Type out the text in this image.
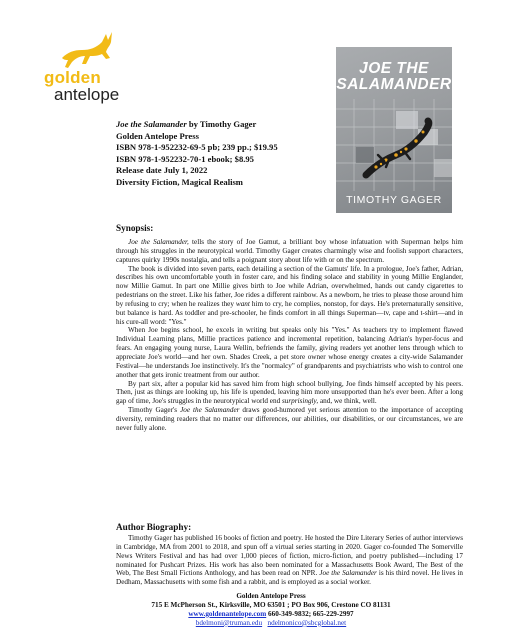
golden
antelope
Joe the Salamander by Timothy Gager
Golden Antelope Press
ISBN 978-1-952232-69-5 pb; 239 pp.; $19.95
ISBN 978-1-952232-70-1 ebook; $8.95
Release date July 1, 2022
Diversity Fiction, Magical Realism
JOE THE
SALAMANDER
TIMOTHY GAGER
Synopsis:

Joe the Salamander, tells the story of Joe Gamut, a brilliant boy whose infatuation with Superman helps him through his struggles in the neurotypical world. Timothy Gager creates charmingly wise and foolish support characters, captures quirky 1990s nostalgia, and tells a poignant story about life with or on the spectrum.

The book is divided into seven parts, each detailing a section of the Gamuts' life. In a prologue, Joe's father, Adrian, describes his own uncomfortable youth in foster care, and his finding solace and stability in young Millie Englander, now Millie Gamut. In part one Millie gives birth to Joe while Adrian, overwhelmed, hands out candy cigarettes to pedestrians on the street. Like his father, Joe rides a different rainbow. As a newborn, he tries to please those around him by refusing to cry; when he realizes they want him to cry, he complies, nonstop, for days. He's preternaturally sensitive, but balance is hard. As toddler and pre-schooler, he finds comfort in all things Superman—tv, cape and t-shirt—and in his cure-all word: "Yes."

When Joe begins school, he excels in writing but speaks only his "Yes." As teachers try to implement flawed Individual Learning plans, Millie practices patience and incremental repetition, balancing Adrian's hyper-focus and fears. An engaging young nurse, Laura Wellin, befriends the family, giving readers yet another lens through which to appreciate Joe's world—and her own. Shades Creek, a pet store owner whose energy creates a city-wide Salamander Festival—he understands Joe instinctively. It's the "normalcy" of grandparents and psychiatrists who wish to control one another that gets ironic treatment from our author.

By part six, after a popular kid has saved him from high school bullying, Joe finds himself accepted by his peers. Then, just as things are looking up, his life is upended, leaving him more unsupported than he's ever been. After a long gap of time, Joe's struggles in the neurotypical world end surprisingly, and, we think, well.

Timothy Gager's Joe the Salamander draws good-humored yet serious attention to the importance of accepting diversity, reminding readers that no matter our differences, our abilities, our disabilities, or our circumstances, we are never fully alone.

Author Biography:

Timothy Gager has published 16 books of fiction and poetry. He hosted the Dire Literary Series of author interviews in Cambridge, MA from 2001 to 2018, and spun off a virtual series starting in 2020. Gager co-founded The Somerville News Writers Festival and has had over 1,000 pieces of fiction, micro-fiction, and poetry published—including 17 nominated for Pushcart Prizes. His work has also been nominated for a Massachusetts Book Award, The Best of the Web, The Best Small Fictions Anthology, and has been read on NPR. Joe the Salamander is his third novel. He lives in Dedham, Massachusetts with some fish and a rabbit, and is employed as a social worker.

Golden Antelope Press
715 E McPherson St., Kirksville, MO 63501 ; PO Box 906, Crestone CO 81131
www.goldenantelope.com 660-349-9832; 665-229-2997
bdelmoni@truman.edu ndelmonico@sbcglobal.net
